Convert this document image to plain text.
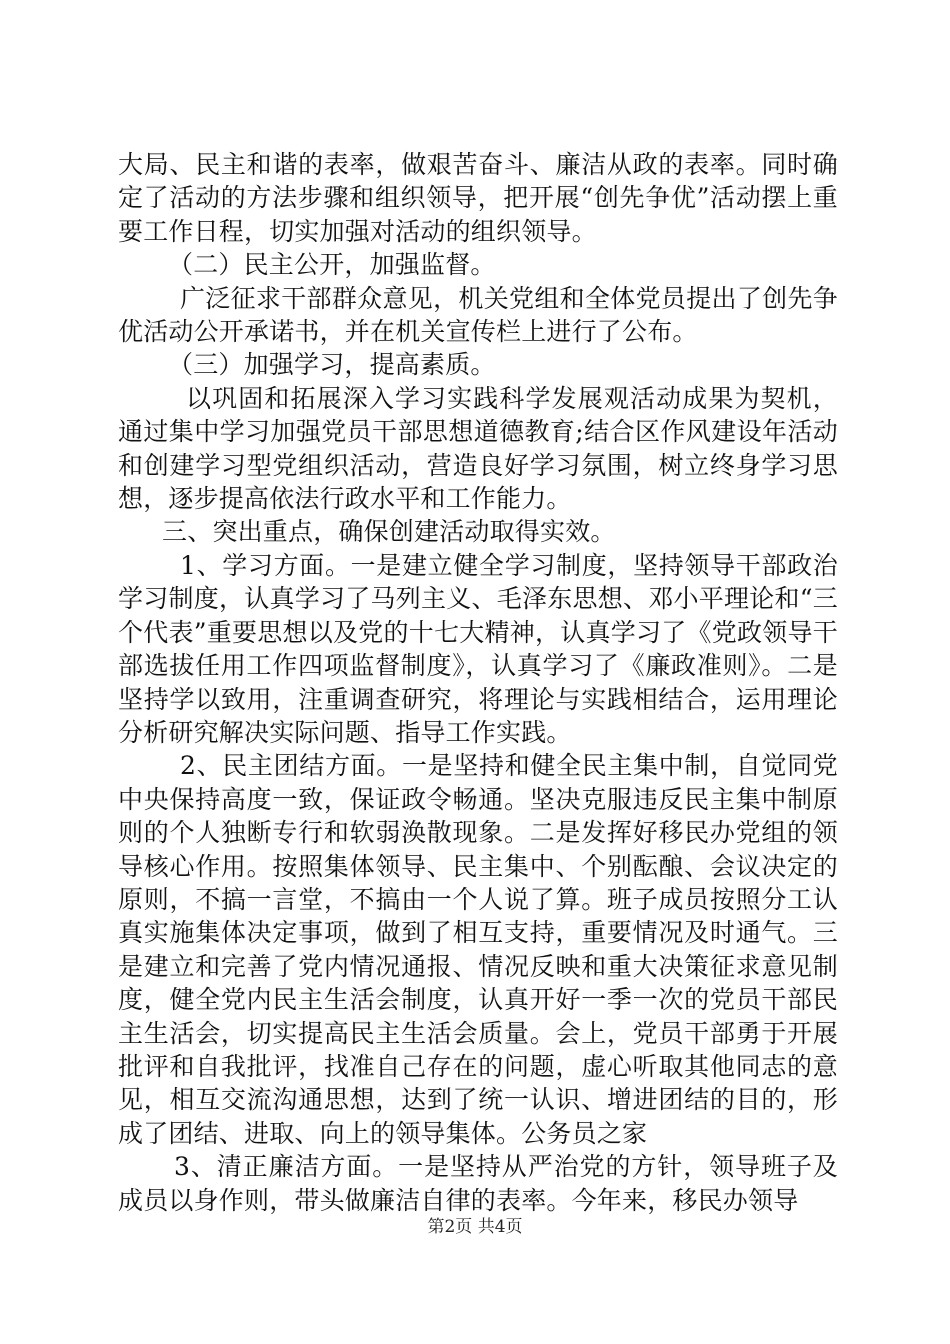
大局、民主和谐的表率，做艰苦奋斗、廉洁从政的表率。同时确定了活动的方法步骤和组织领导，把开展“创先争优”活动摆上重要工作日程，切实加强对活动的组织领导。

（二）民主公开，加强监督。

广泛征求干部群众意见，机关党组和全体党员提出了创先争优活动公开承诺书，并在机关宣传栏上进行了公布。

（三）加强学习，提高素质。

以巩固和拓展深入学习实践科学发展观活动成果为契机，通过集中学习加强党员干部思想道德教育;结合区作风建设年活动和创建学习型党组织活动，营造良好学习氛围，树立终身学习思想，逐步提高依法行政水平和工作能力。

三、突出重点，确保创建活动取得实效。

1、学习方面。一是建立健全学习制度，坚持领导干部政治学习制度，认真学习了马列主义、毛泽东思想、邓小平理论和“三个代表”重要思想以及党的十七大精神，认真学习了《党政领导干部选拔任用工作四项监督制度》，认真学习了《廉政准则》。二是坚持学以致用，注重调查研究，将理论与实践相结合，运用理论分析研究解决实际问题、指导工作实践。

2、民主团结方面。一是坚持和健全民主集中制，自觉同党中央保持高度一致，保证政令畅通。坚决克服违反民主集中制原则的个人独断专行和软弱涣散现象。二是发挥好移民办党组的领导核心作用。按照集体领导、民主集中、个别酝酿、会议决定的原则，不搞一言堂，不搞由一个人说了算。班子成员按照分工认真实施集体决定事项，做到了相互支持，重要情况及时通气。三是建立和完善了党内情况通报、情况反映和重大决策征求意见制度，健全党内民主生活会制度，认真开好一季一次的党员干部民主生活会，切实提高民主生活会质量。会上，党员干部勇于开展批评和自我批评，找准自己存在的问题，虚心听取其他同志的意见，相互交流沟通思想，达到了统一认识、增进团结的目的，形成了团结、进取、向上的领导集体。公务员之家

3、清正廉洁方面。一是坚持从严治党的方针，领导班子及成员以身作则，带头做廉洁自律的表率。今年来，移民办领导

第2页 共4页
